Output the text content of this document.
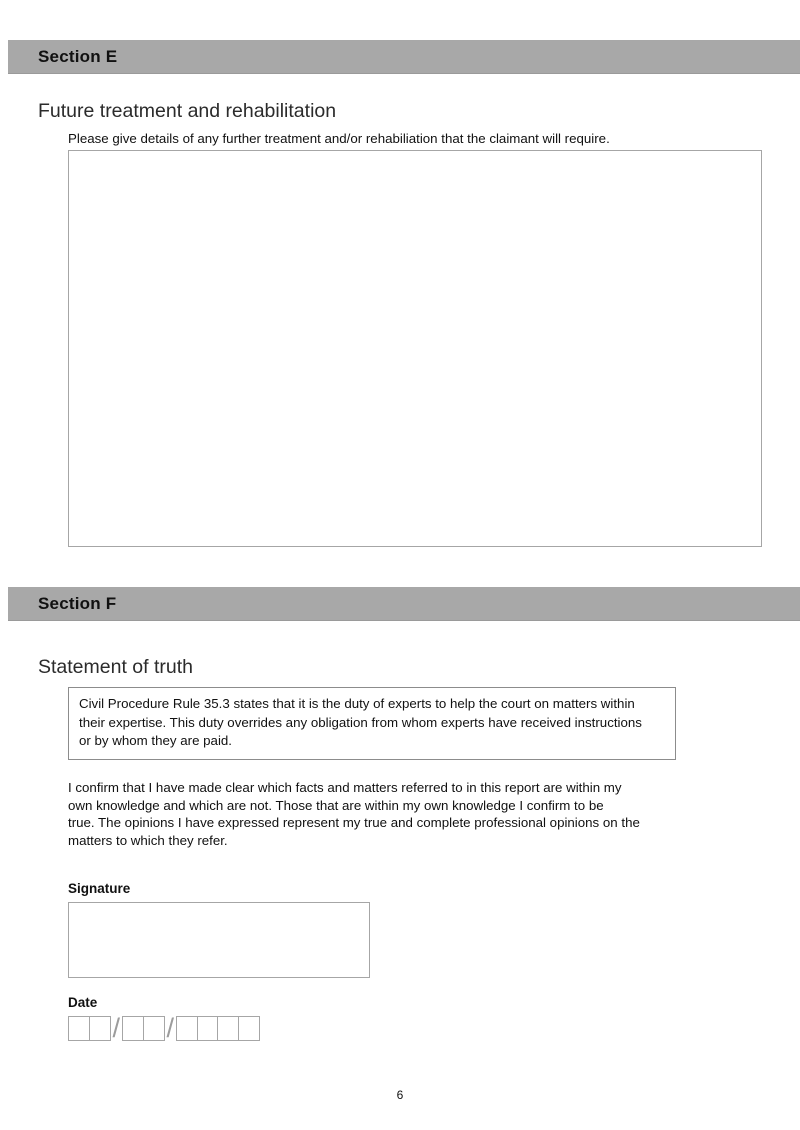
Section E
Future treatment and rehabilitation
Please give details of any further treatment and/or rehabiliation that the claimant will require.
Section F
Statement of truth
Civil Procedure Rule 35.3 states that it is the duty of experts to help the court on matters within
their expertise. This duty overrides any obligation from whom experts have received instructions
or by whom they are paid.
I confirm that I have made clear which facts and matters referred to in this report are within my
own knowledge and which are not. Those that are within my own knowledge I confirm to be
true. The opinions I have expressed represent my true and complete professional opinions on the
matters to which they refer.
Signature
Date
/ /
6
